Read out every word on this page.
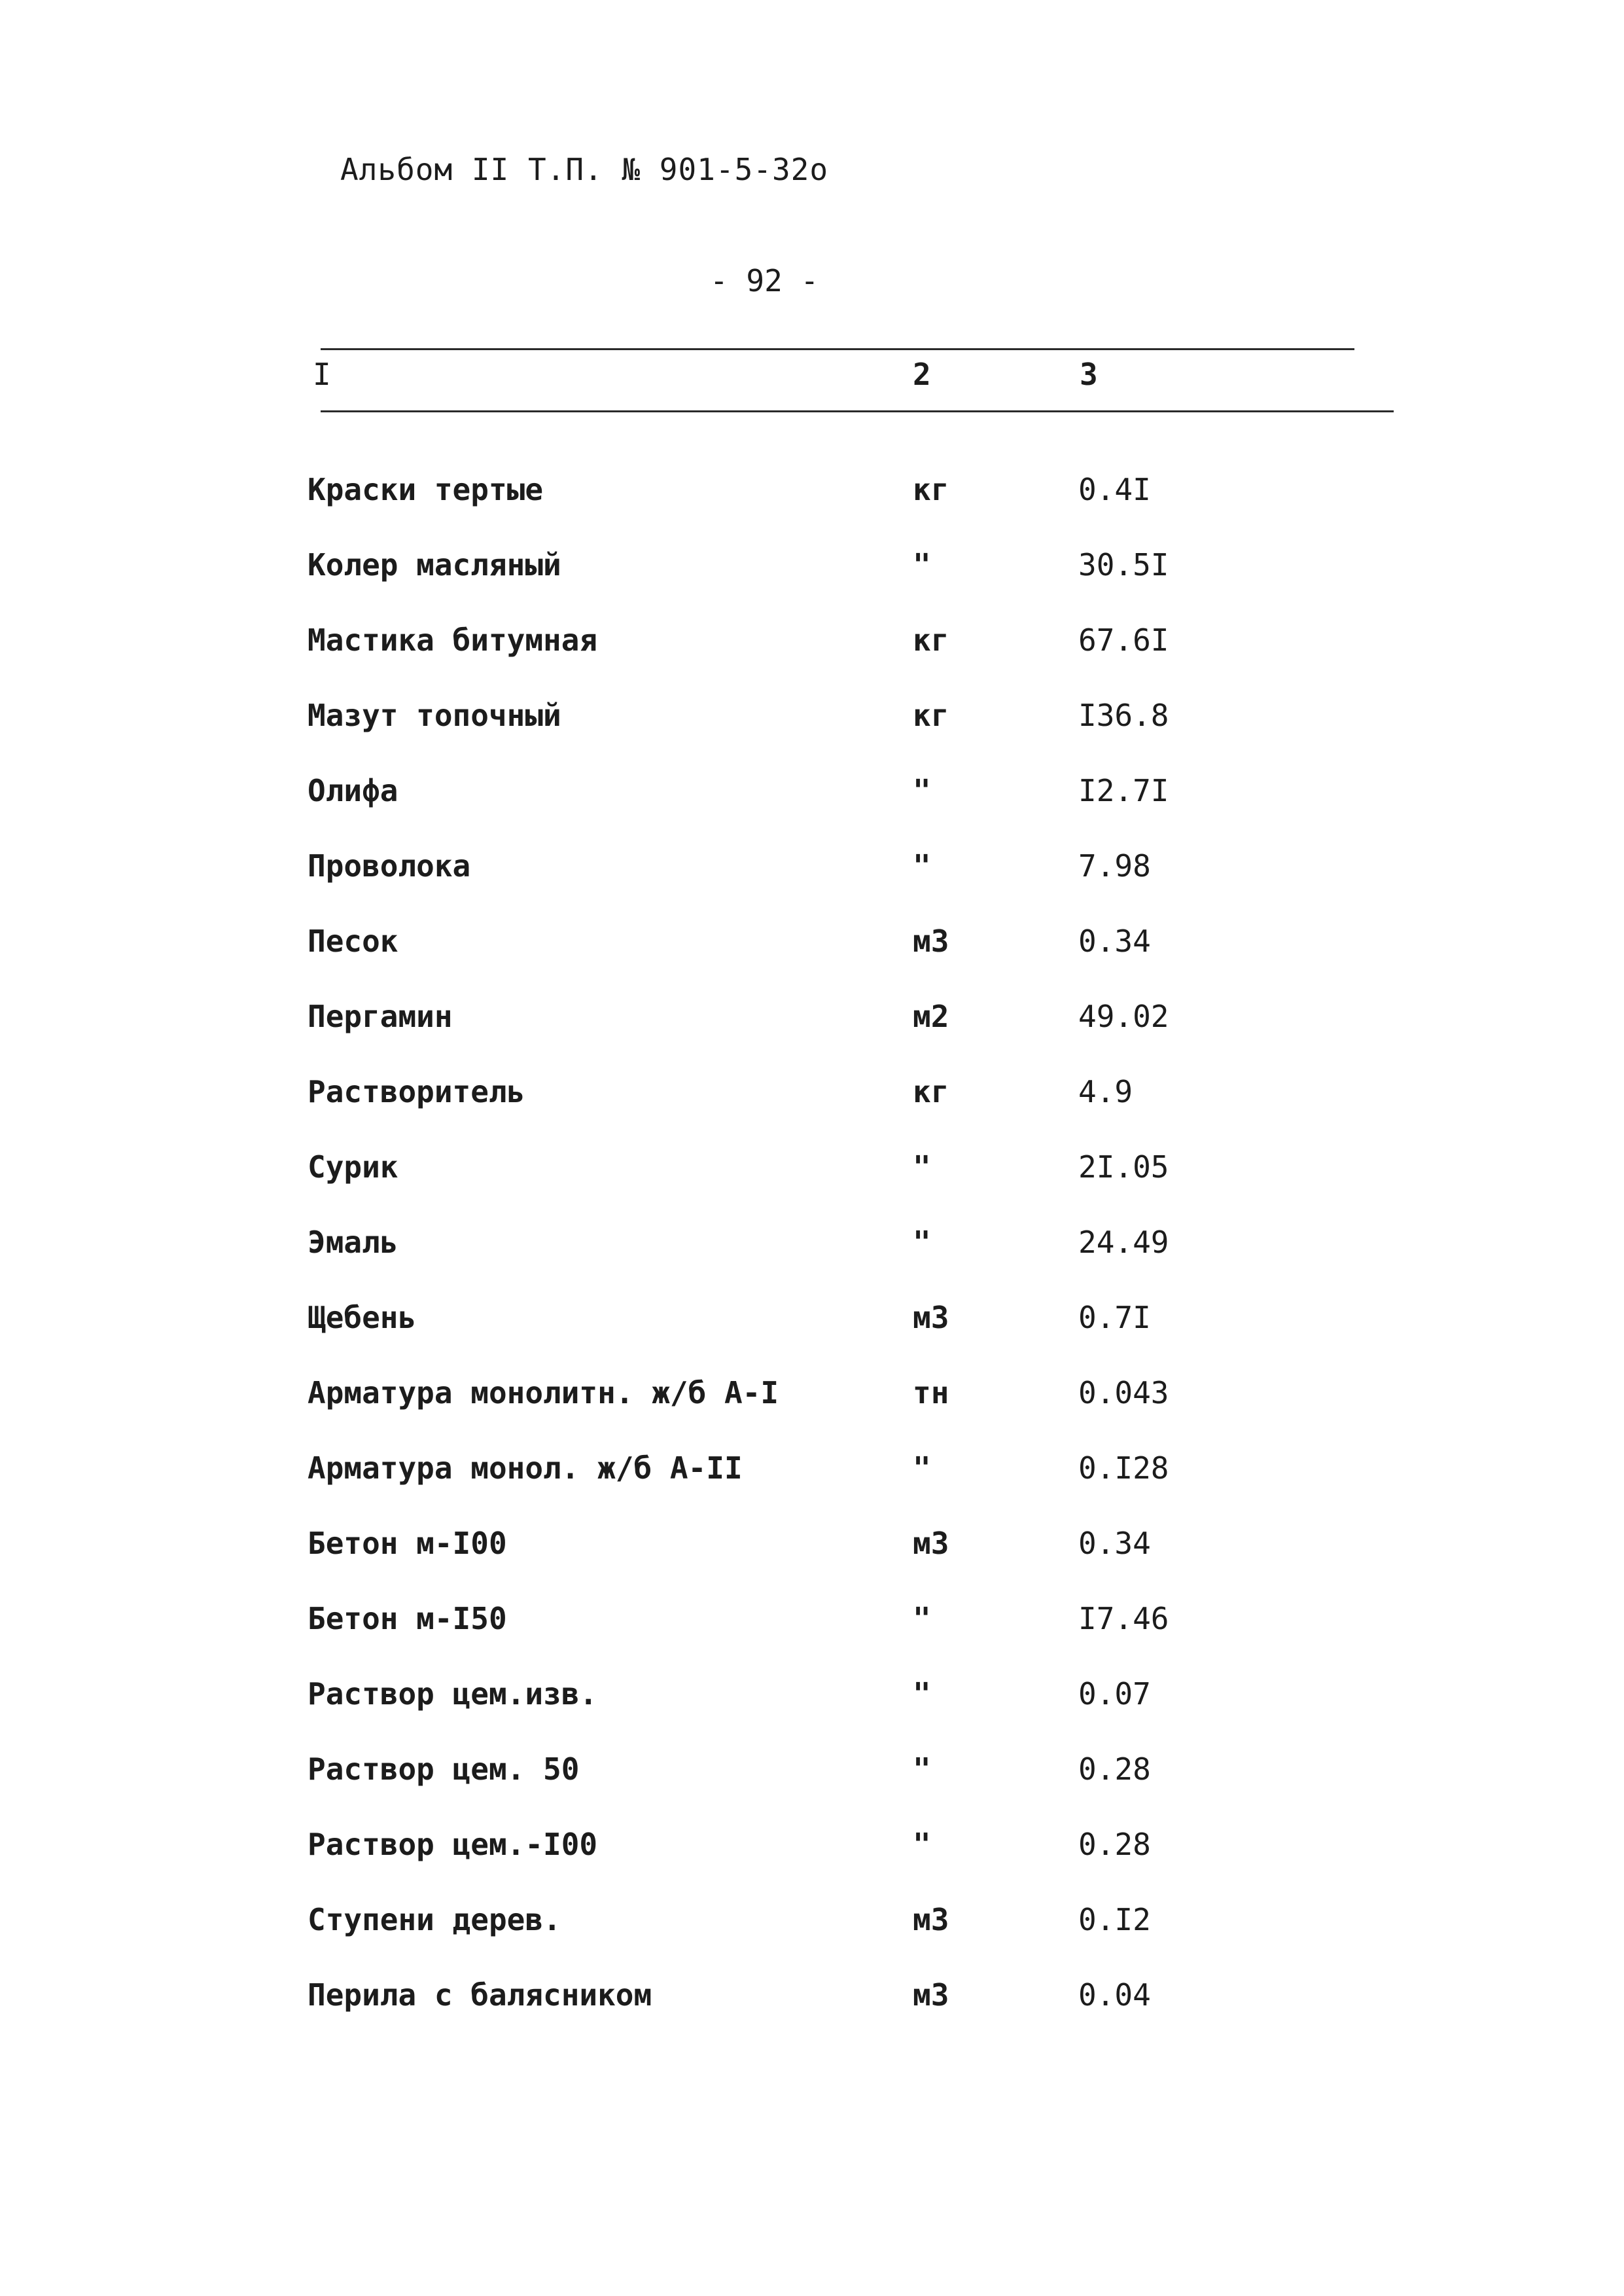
Альбом II Т.П. № 901-5-32о
- 92 -
I	2	3
Краски тертые	кг	0.4I
Колер масляный	"	30.5I
Мастика битумная	кг	67.6I
Мазут топочный	кг	I36.8
Олифа	"	I2.7I
Проволока	"	7.98
Песок	м3	0.34
Пергамин	м2	49.02
Растворитель	кг	4.9
Сурик	"	2I.05
Эмаль	"	24.49
Щебень	м3	0.7I
Арматура монолитн. ж/б А-I	тн	0.043
Арматура монол. ж/б А-II	"	0.I28
Бетон м-I00	м3	0.34
Бетон м-I50	"	I7.46
Раствор цем.изв.	"	0.07
Раствор цем. 50	"	0.28
Раствор цем.-I00	"	0.28
Ступени дерев.	м3	0.I2
Перила с балясником	м3	0.04
